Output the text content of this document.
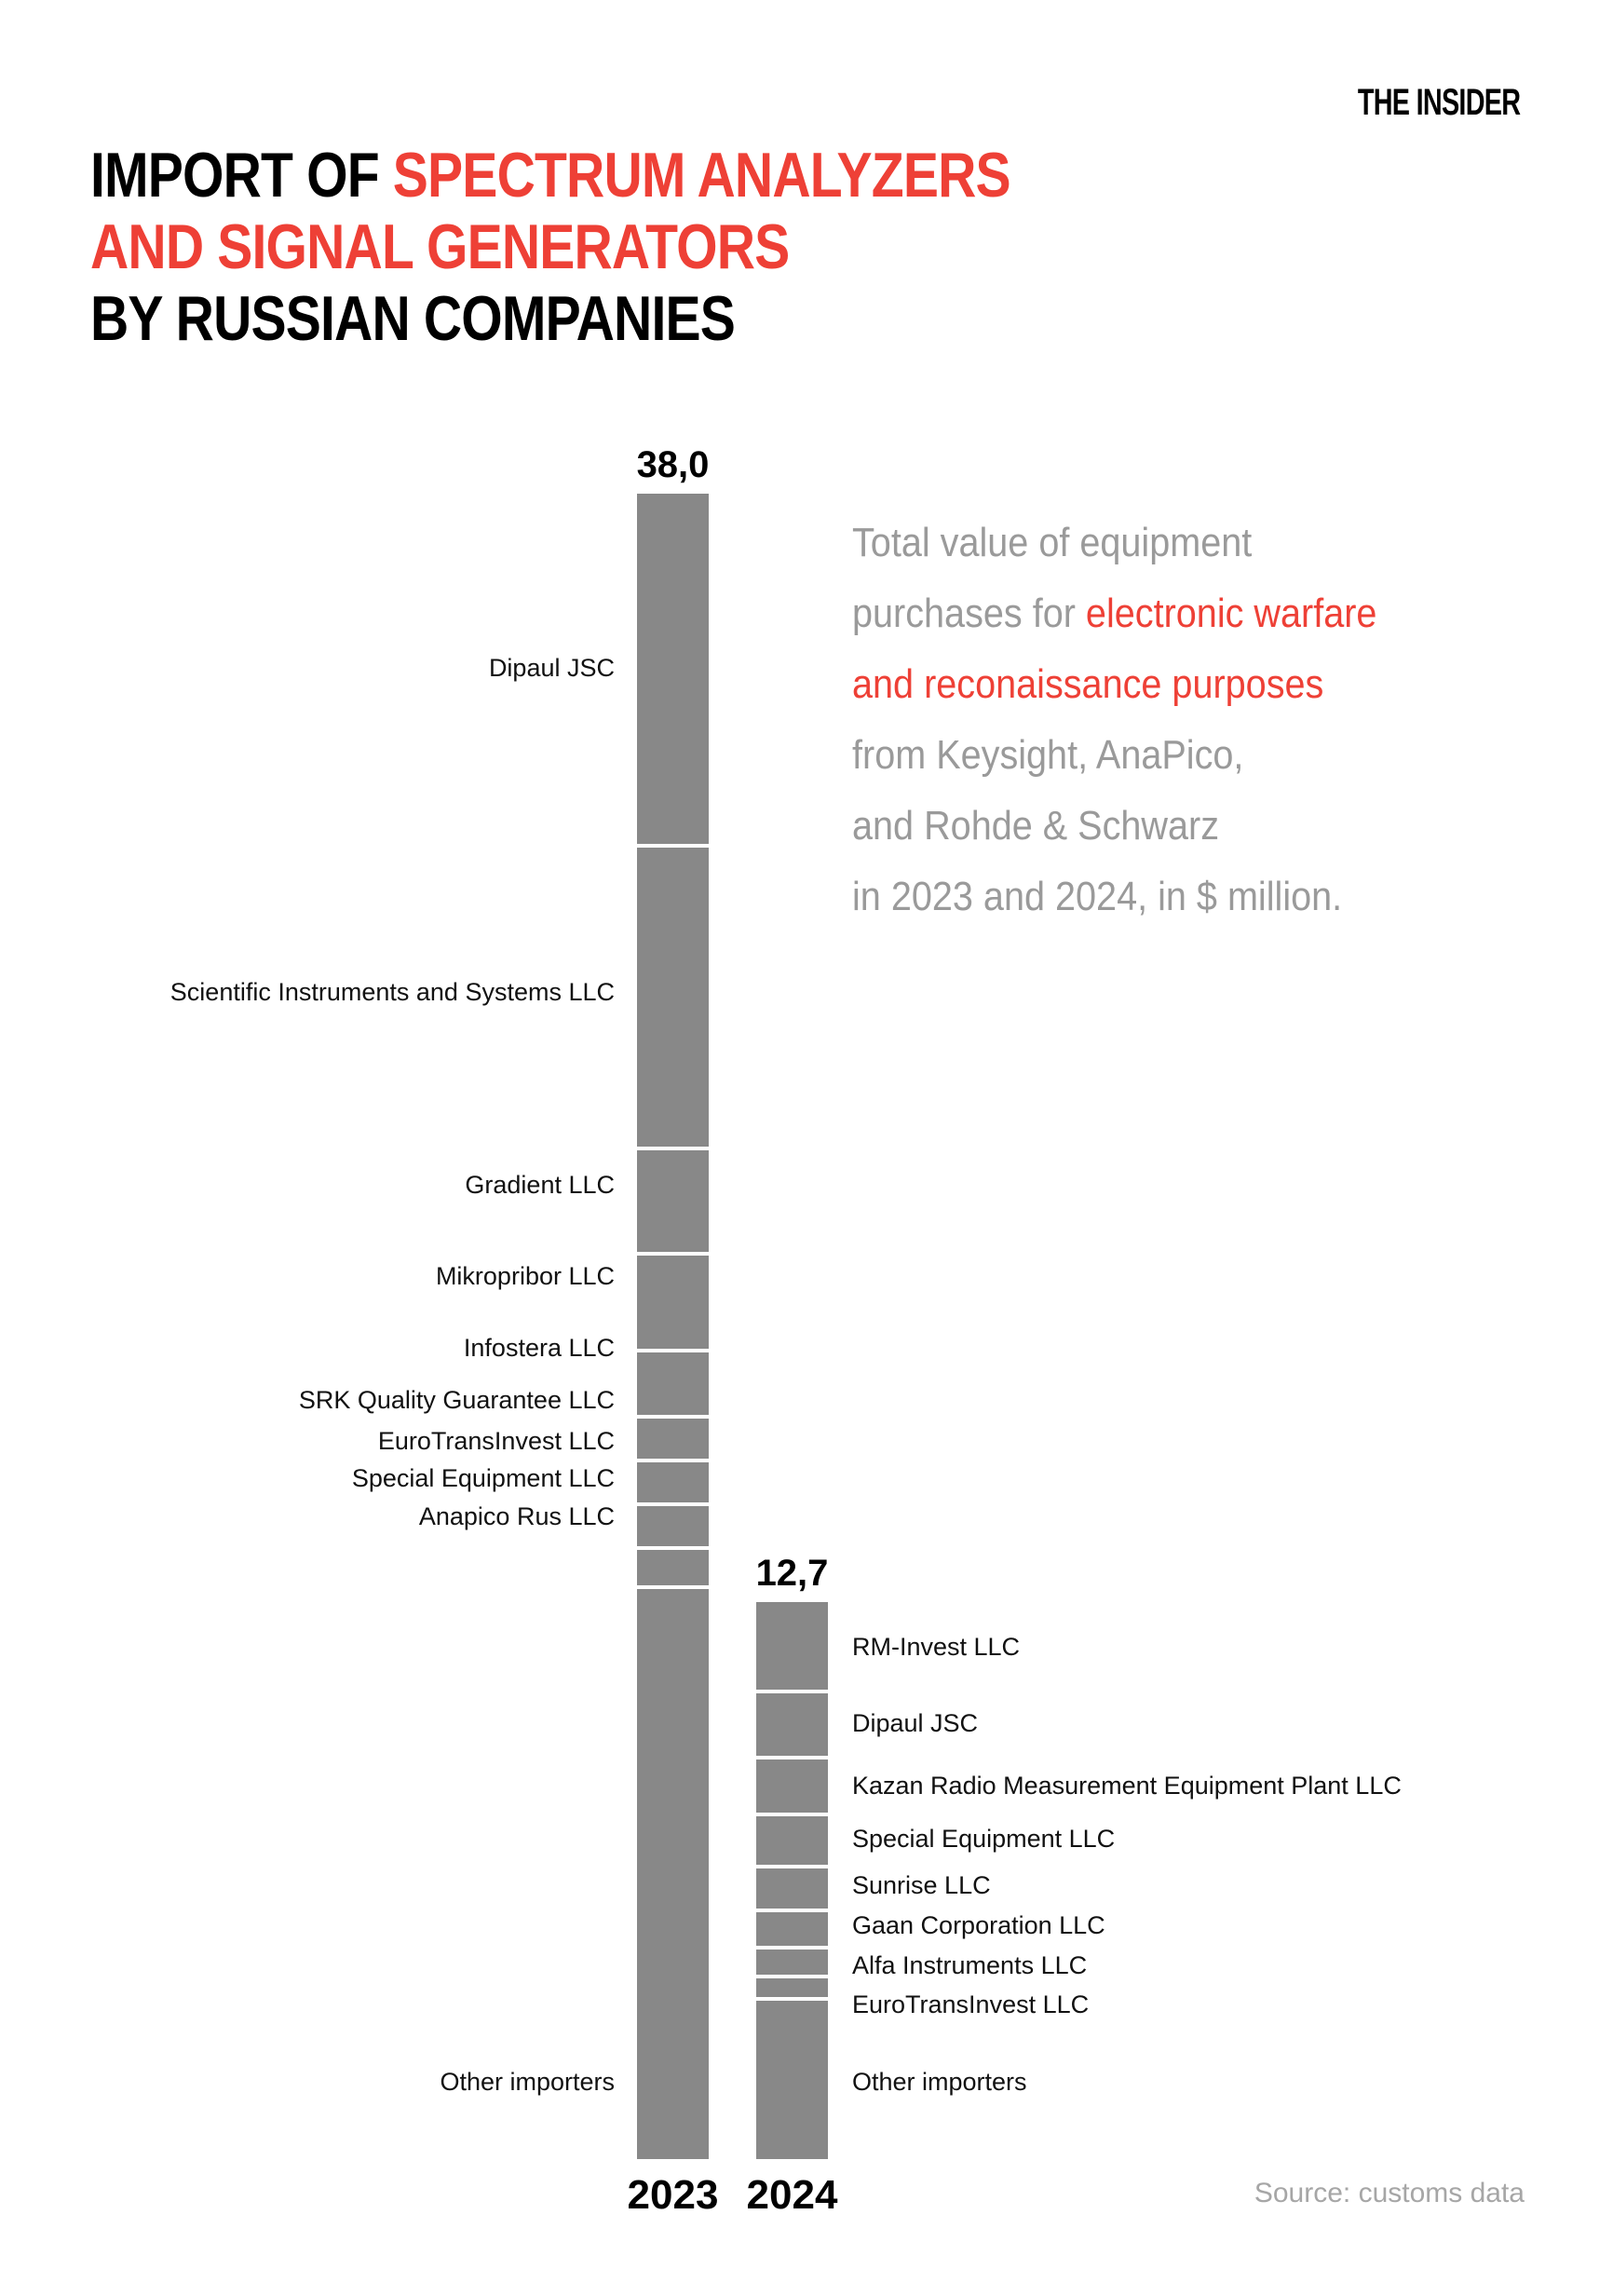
THE INSIDER
IMPORT OF SPECTRUM ANALYZERS
AND SIGNAL GENERATORS
BY RUSSIAN COMPANIES
Total value of equipment
purchases for electronic warfare
and reconaissance purposes
from Keysight, AnaPico,
and Rohde & Schwarz
in 2023 and 2024, in $ million.
38,0
Dipaul JSC
Scientific Instruments and Systems LLC
Gradient LLC
Mikropribor LLC
Infostera LLC
SRK Quality Guarantee LLC
EuroTransInvest LLC
Special Equipment LLC
Anapico Rus LLC
Other importers
2023
12,7
RM-Invest LLC
Dipaul JSC
Kazan Radio Measurement Equipment Plant LLC
Special Equipment LLC
Sunrise LLC
Gaan Corporation LLC
Alfa Instruments LLC
EuroTransInvest LLC
Other importers
2024	Source: customs data
